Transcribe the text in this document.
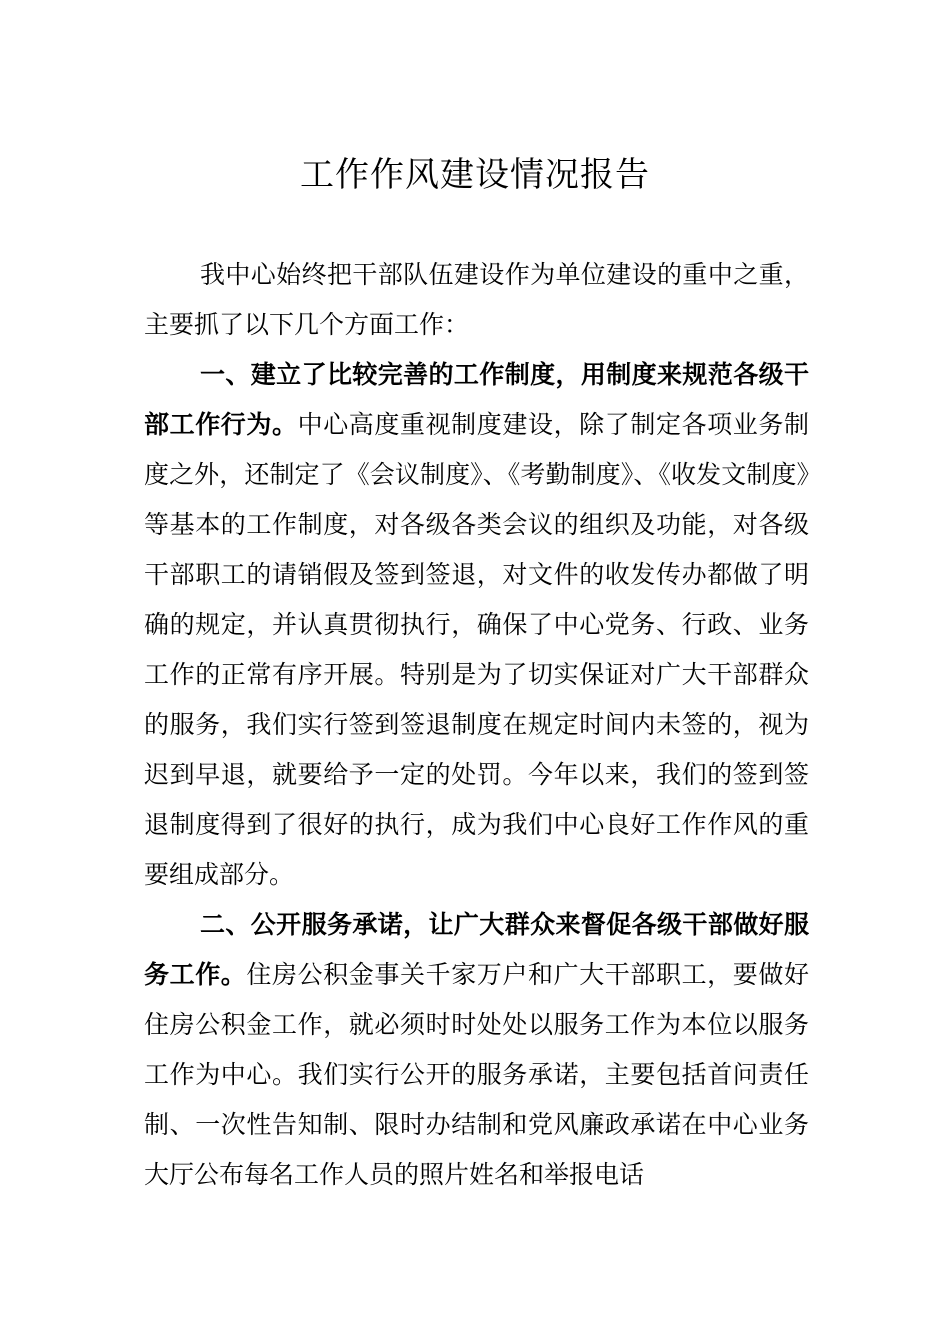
工作作风建设情况报告

我中心始终把干部队伍建设作为单位建设的重中之重，主要抓了以下几个方面工作：

一、建立了比较完善的工作制度，用制度来规范各级干部工作行为。中心高度重视制度建设，除了制定各项业务制度之外，还制定了《会议制度》、《考勤制度》、《收发文制度》等基本的工作制度，对各级各类会议的组织及功能，对各级干部职工的请销假及签到签退，对文件的收发传办都做了明确的规定，并认真贯彻执行，确保了中心党务、行政、业务工作的正常有序开展。特别是为了切实保证对广大干部群众的服务，我们实行签到签退制度在规定时间内未签的，视为迟到早退，就要给予一定的处罚。今年以来，我们的签到签退制度得到了很好的执行，成为我们中心良好工作作风的重要组成部分。

二、公开服务承诺，让广大群众来督促各级干部做好服务工作。住房公积金事关千家万户和广大干部职工，要做好住房公积金工作，就必须时时处处以服务工作为本位以服务工作为中心。我们实行公开的服务承诺，主要包括首问责任制、一次性告知制、限时办结制和党风廉政承诺在中心业务大厅公布每名工作人员的照片姓名和举报电话
